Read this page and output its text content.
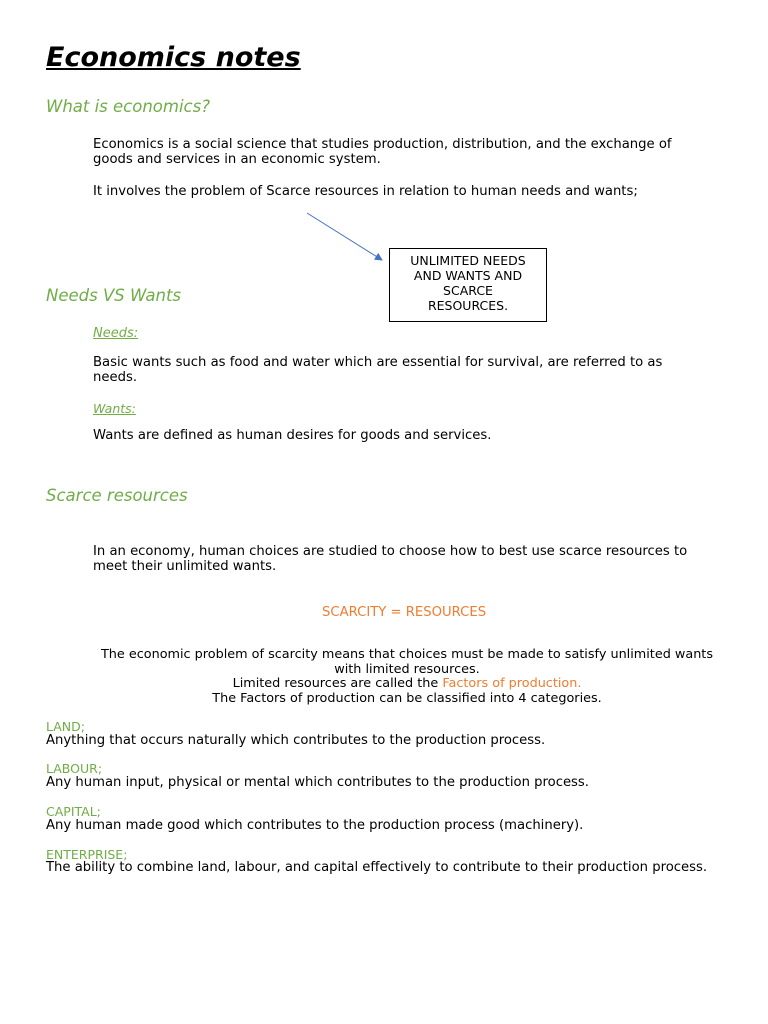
Economics notes
What is economics?
Economics is a social science that studies production, distribution, and the exchange of
goods and services in an economic system.
It involves the problem of Scarce resources in relation to human needs and wants;
UNLIMITED NEEDS
AND WANTS AND
SCARCE
RESOURCES.
Needs VS Wants
Needs:
Basic wants such as food and water which are essential for survival, are referred to as
needs.
Wants:
Wants are defined as human desires for goods and services.
Scarce resources
In an economy, human choices are studied to choose how to best use scarce resources to
meet their unlimited wants.
SCARCITY = RESOURCES
The economic problem of scarcity means that choices must be made to satisfy unlimited wants
with limited resources.
Limited resources are called the Factors of production.
The Factors of production can be classified into 4 categories.
LAND;
Anything that occurs naturally which contributes to the production process.
LABOUR;
Any human input, physical or mental which contributes to the production process.
CAPITAL;
Any human made good which contributes to the production process (machinery).
ENTERPRISE;
The ability to combine land, labour, and capital effectively to contribute to their production process.
